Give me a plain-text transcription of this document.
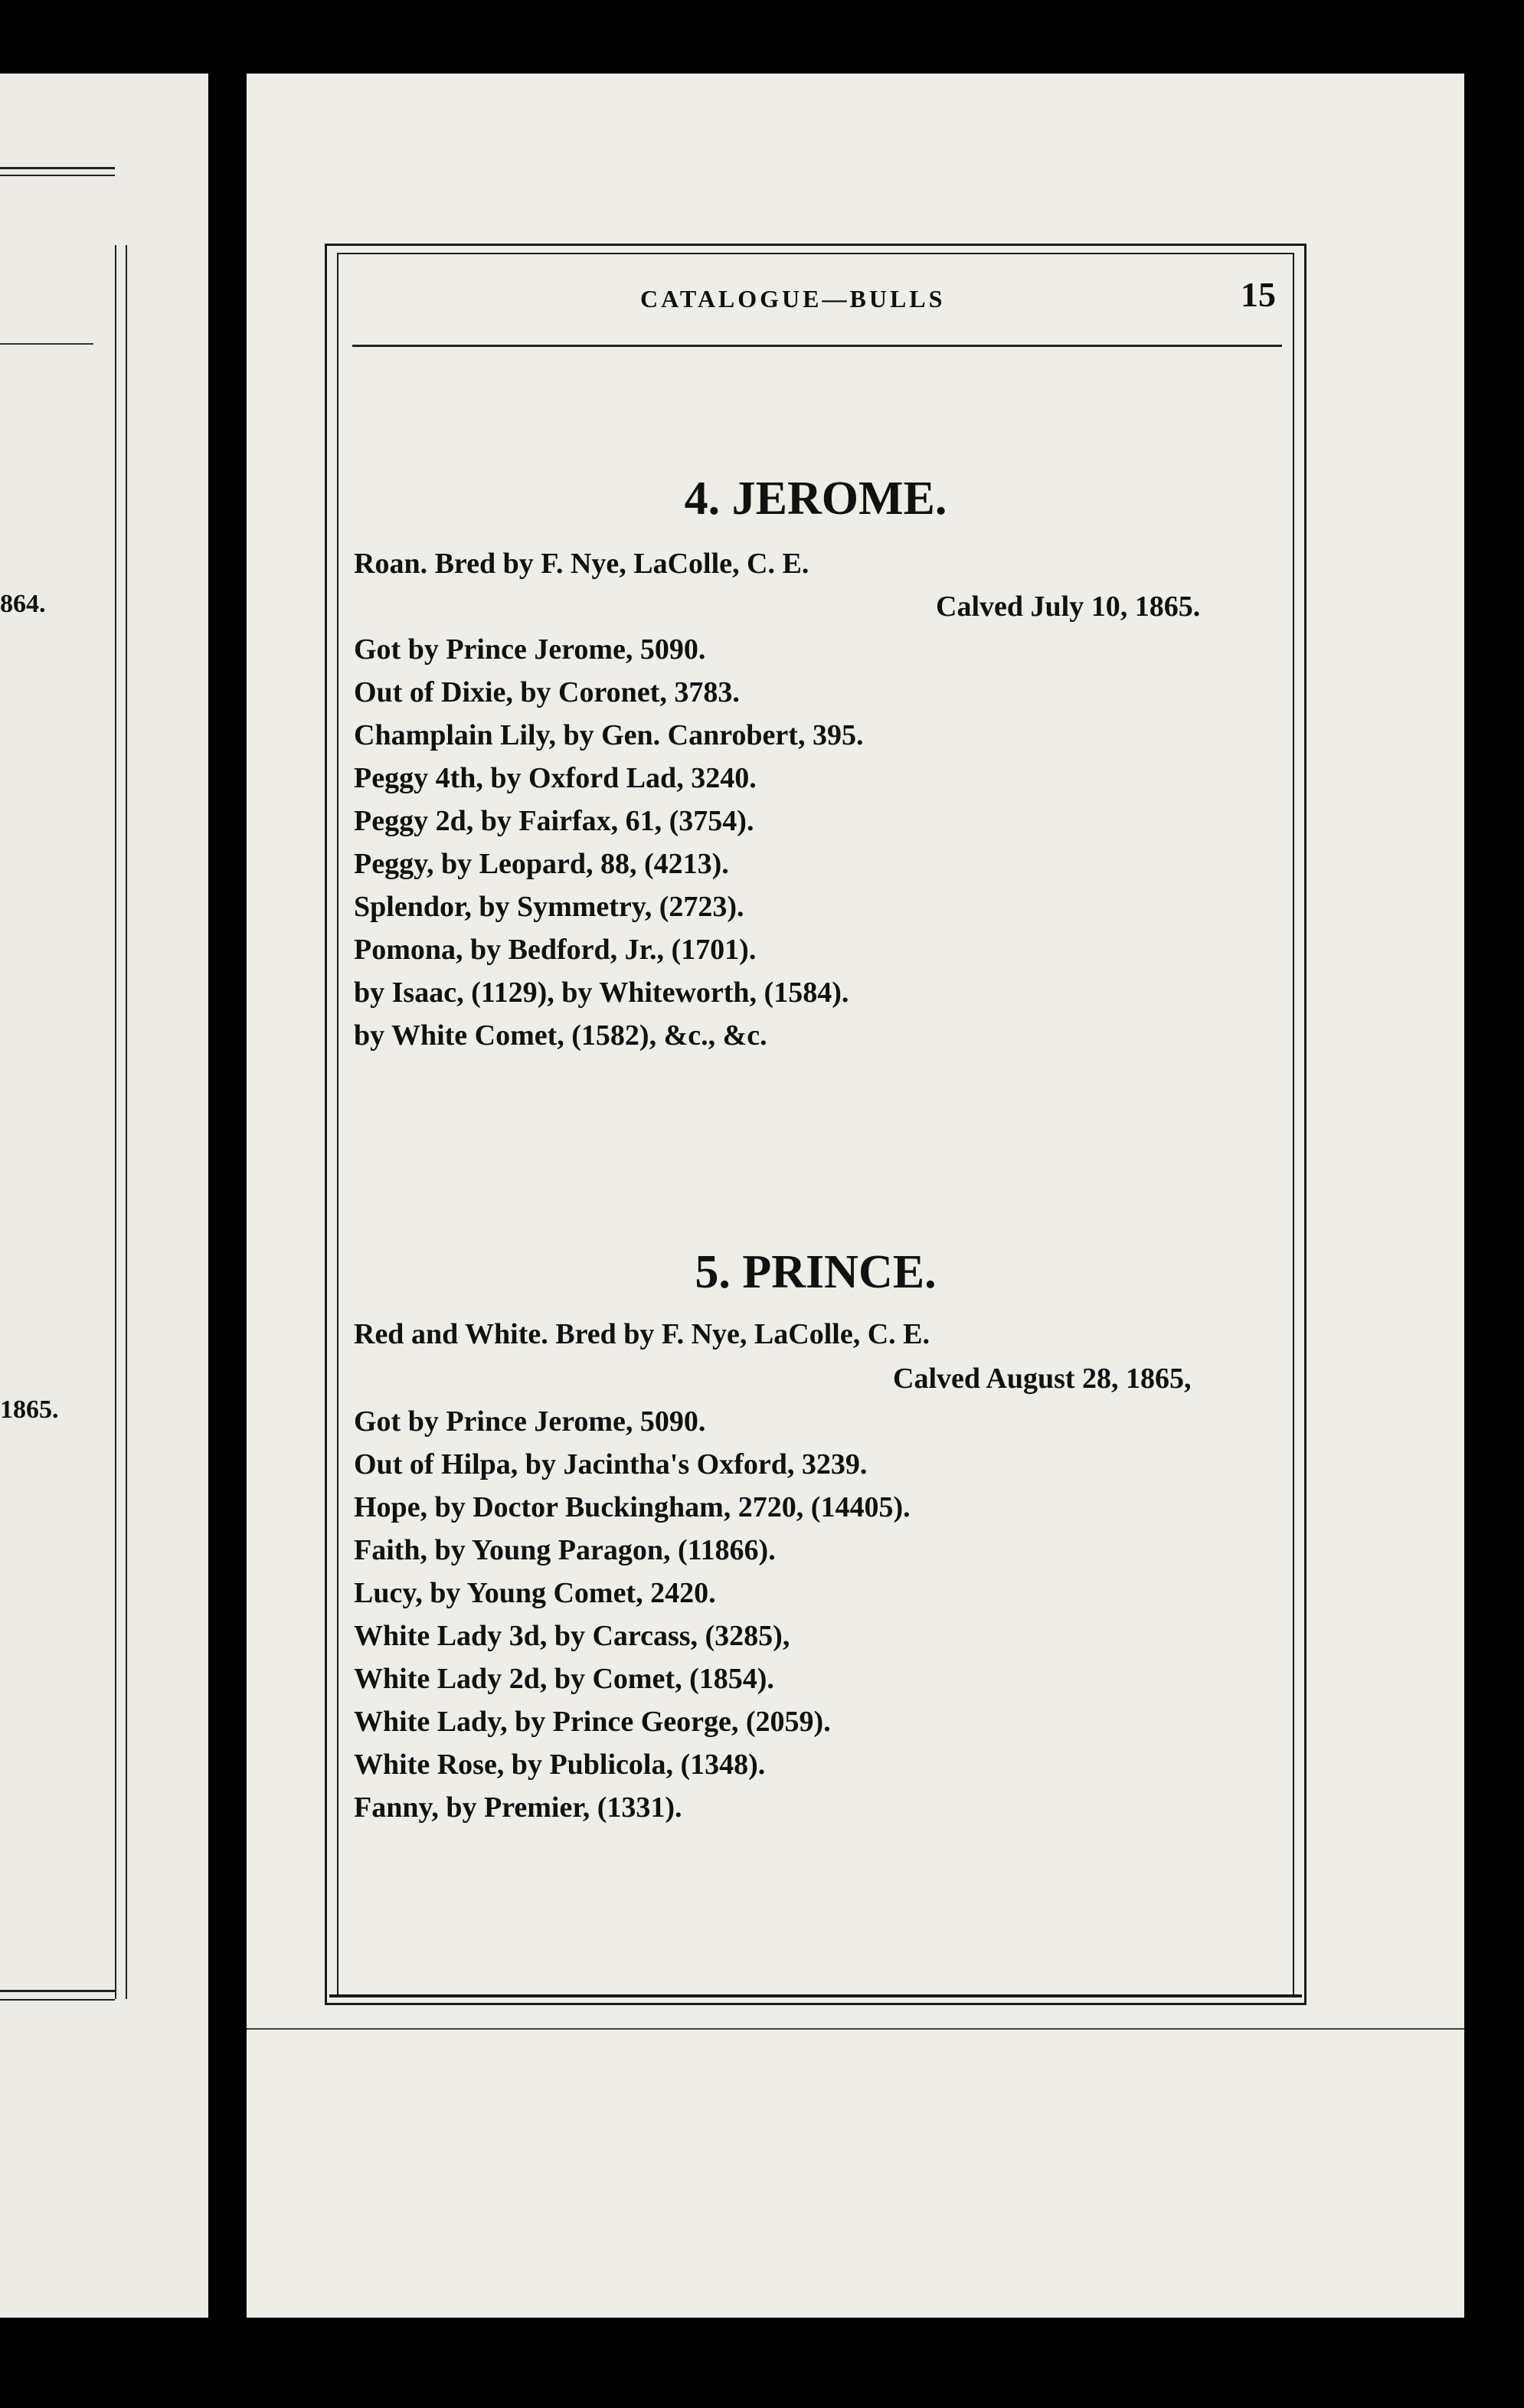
864.
1865.
CATALOGUE—BULLS	15
4. JEROME.
Roan. Bred by F. Nye, LaColle, C. E.
Calved July 10, 1865.
Got by Prince Jerome, 5090.
Out of Dixie, by Coronet, 3783.
Champlain Lily, by Gen. Canrobert, 395.
Peggy 4th, by Oxford Lad, 3240.
Peggy 2d, by Fairfax, 61, (3754).
Peggy, by Leopard, 88, (4213).
Splendor, by Symmetry, (2723).
Pomona, by Bedford, Jr., (1701).
by Isaac, (1129), by Whiteworth, (1584).
by White Comet, (1582), &c., &c.
5. PRINCE.
Red and White. Bred by F. Nye, LaColle, C. E.
Calved August 28, 1865,
Got by Prince Jerome, 5090.
Out of Hilpa, by Jacintha's Oxford, 3239.
Hope, by Doctor Buckingham, 2720, (14405).
Faith, by Young Paragon, (11866).
Lucy, by Young Comet, 2420.
White Lady 3d, by Carcass, (3285),
White Lady 2d, by Comet, (1854).
White Lady, by Prince George, (2059).
White Rose, by Publicola, (1348).
Fanny, by Premier, (1331).
